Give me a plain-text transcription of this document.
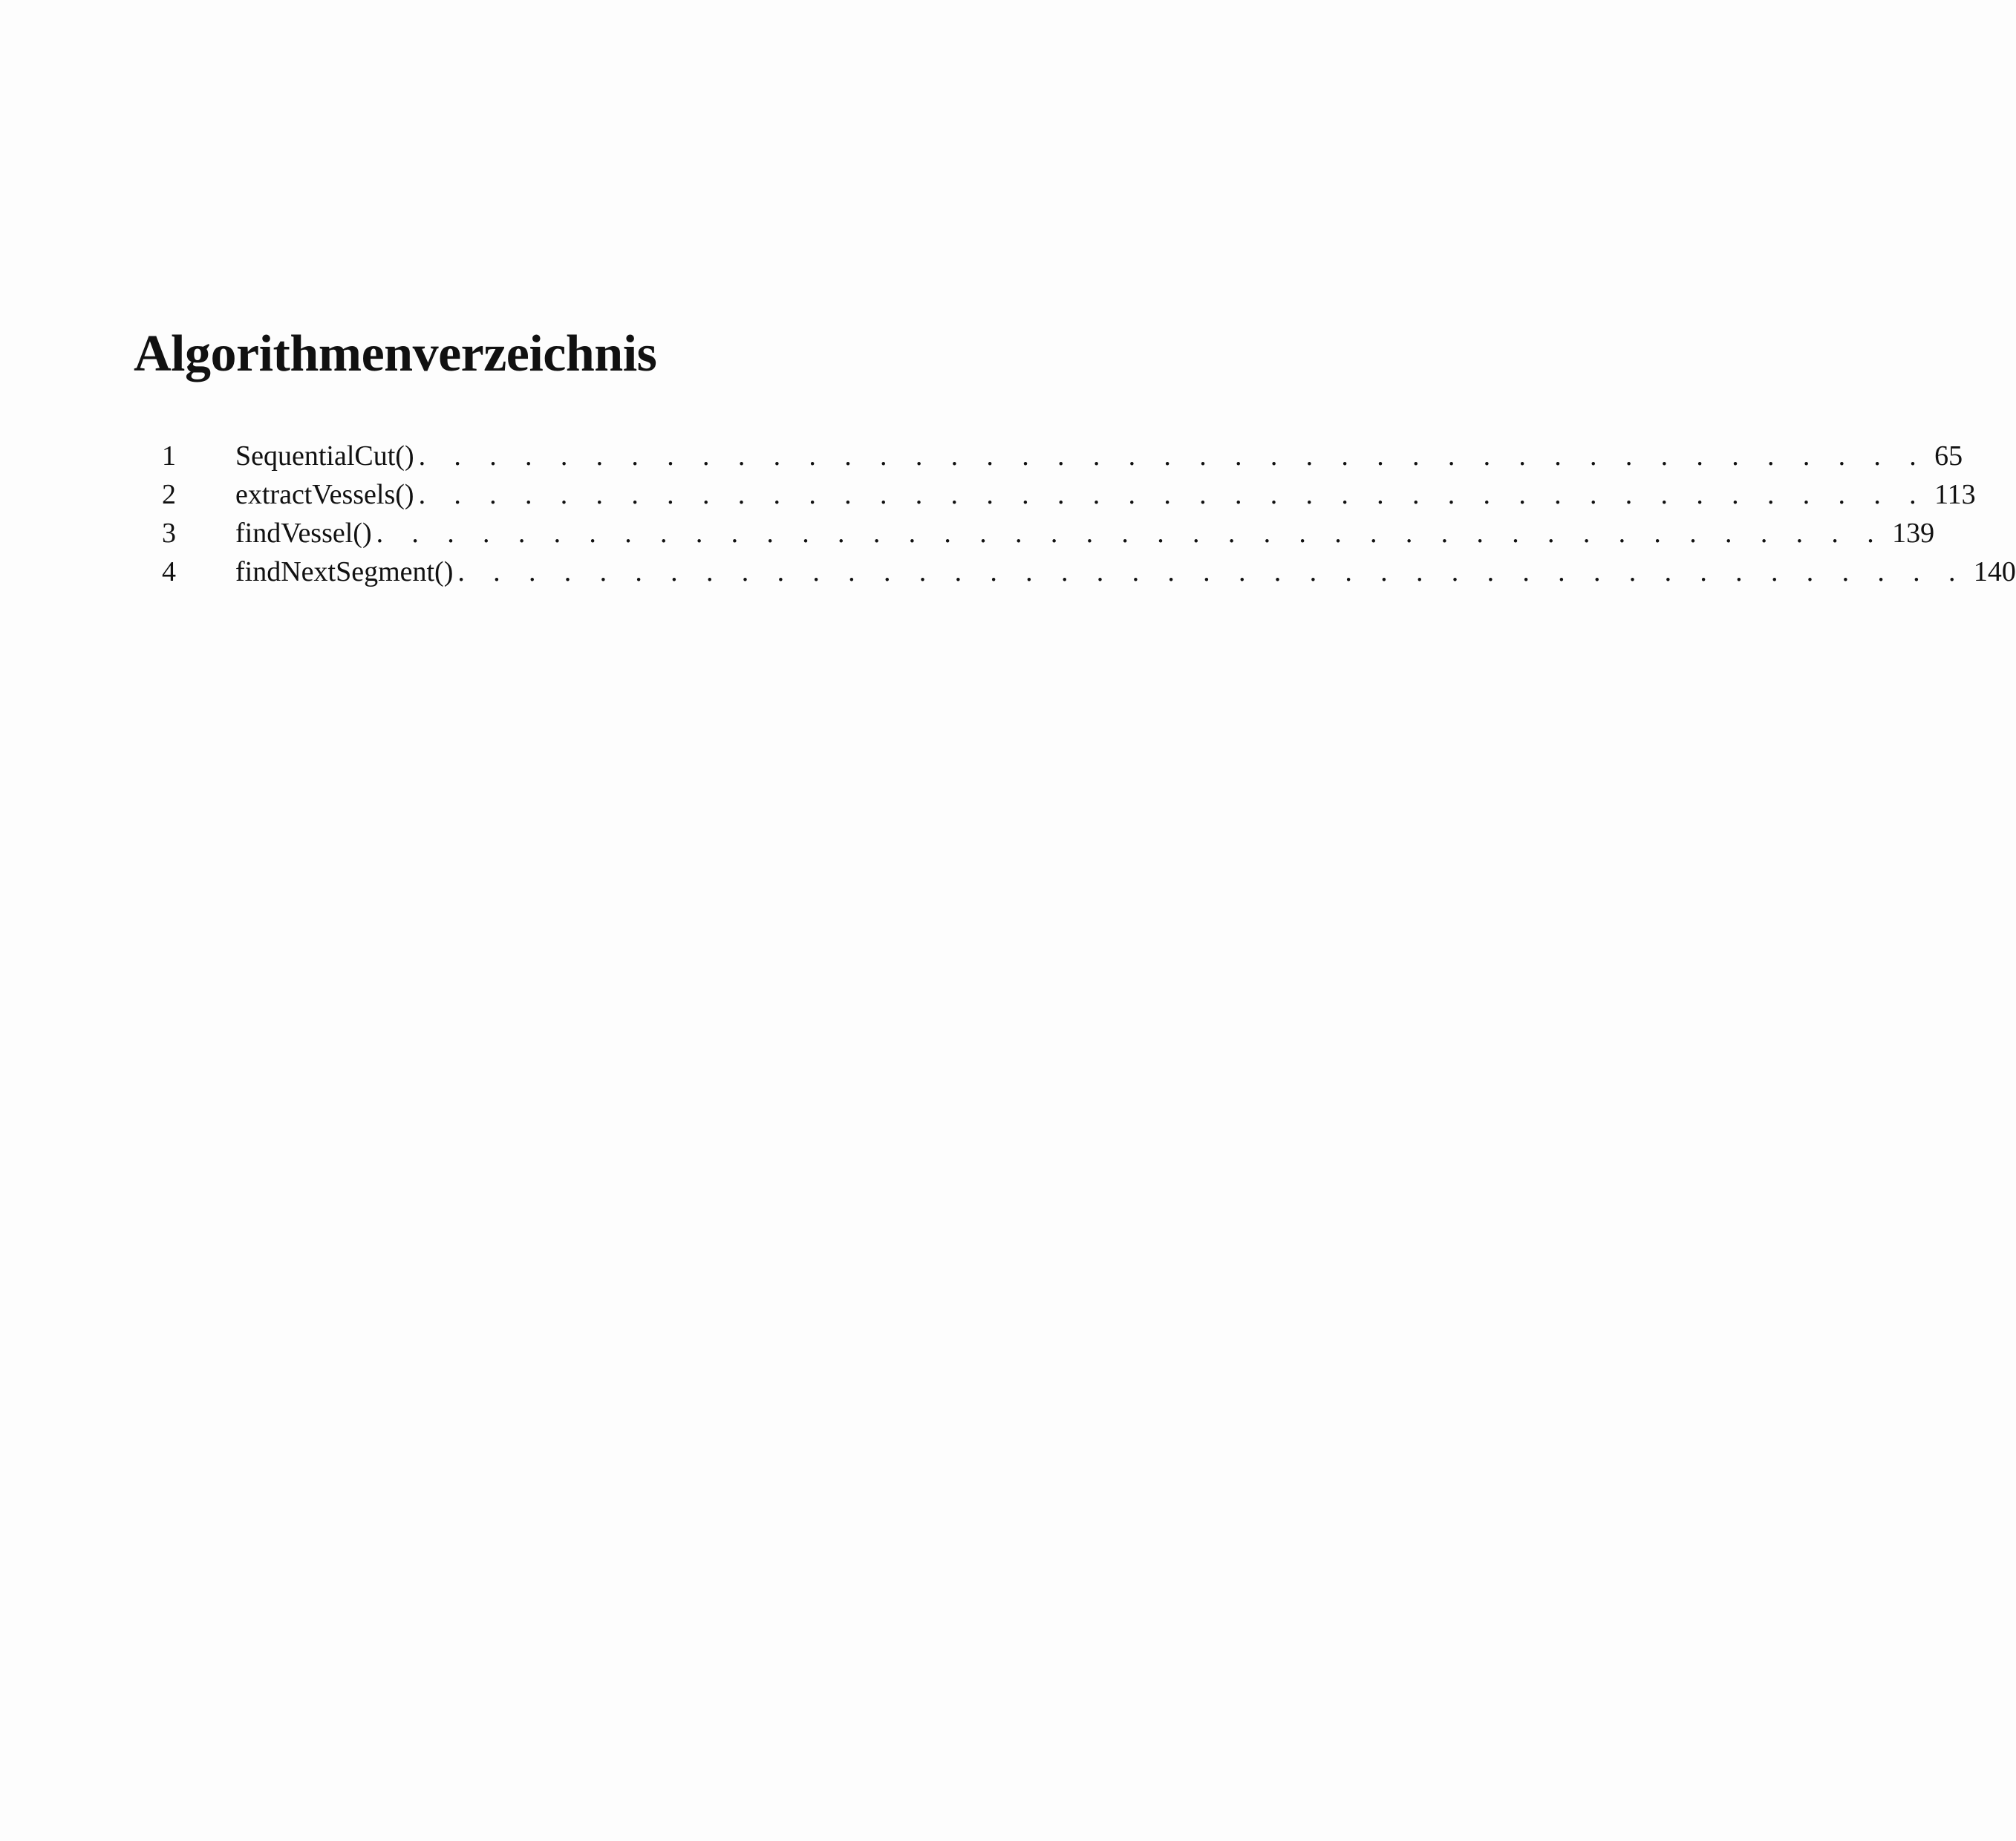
Algorithmenverzeichnis
1	SequentialCut() . . . . . . . . . . . . . . . . . . . . . . . . . . . . . . . . . . . . . . . . . . . 65
2	extractVessels() . . . . . . . . . . . . . . . . . . . . . . . . . . . . . . . . . . . . . . . . . . . 113
3	findVessel() . . . . . . . . . . . . . . . . . . . . . . . . . . . . . . . . . . . . . . . . . . . 139
4	findNextSegment() . . . . . . . . . . . . . . . . . . . . . . . . . . . . . . . . . . . . . . . . . . . 140
